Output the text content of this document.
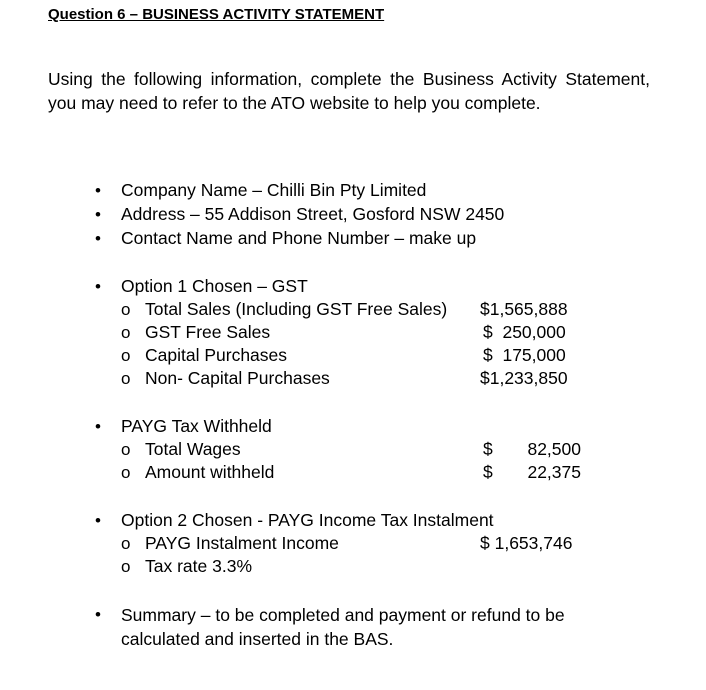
Question 6 – BUSINESS ACTIVITY STATEMENT
Using the following information, complete the Business Activity Statement, you may need to refer to the ATO website to help you complete.
• Company Name – Chilli Bin Pty Limited
• Address – 55 Addison Street, Gosford NSW 2450
• Contact Name and Phone Number – make up
• Option 1 Chosen – GST
o Total Sales (Including GST Free Sales) $1,565,888
o GST Free Sales	$  250,000
o Capital Purchases	$  175,000
o Non- Capital Purchases	$1,233,850
• PAYG Tax Withheld
o Total Wages	$	82,500
o Amount withheld	$	22,375
• Option 2 Chosen - PAYG Income Tax Instalment
o PAYG Instalment Income	$ 1,653,746
o Tax rate 3.3%
• Summary – to be completed and payment or refund to be calculated and inserted in the BAS.
